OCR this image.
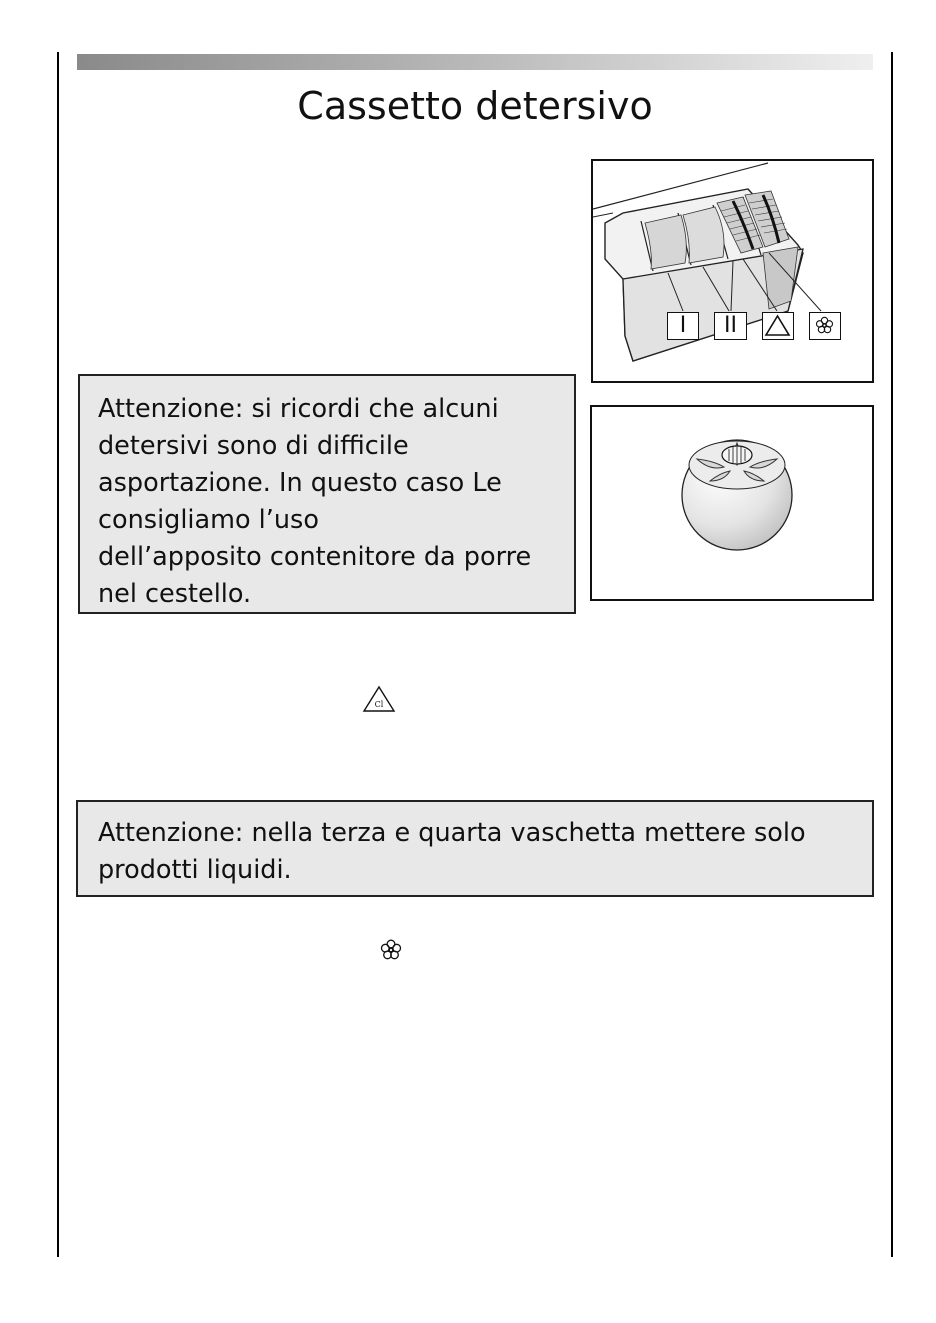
Cassetto detersivo
I	II

Attenzione: si ricordi che alcuni

detersivi sono di difficile

asportazione. In questo caso Le

consigliamo l’uso

dell’apposito contenitore da porre

nel cestello.

Cl

Attenzione: nella terza e quarta vaschetta mettere solo

prodotti liquidi.
